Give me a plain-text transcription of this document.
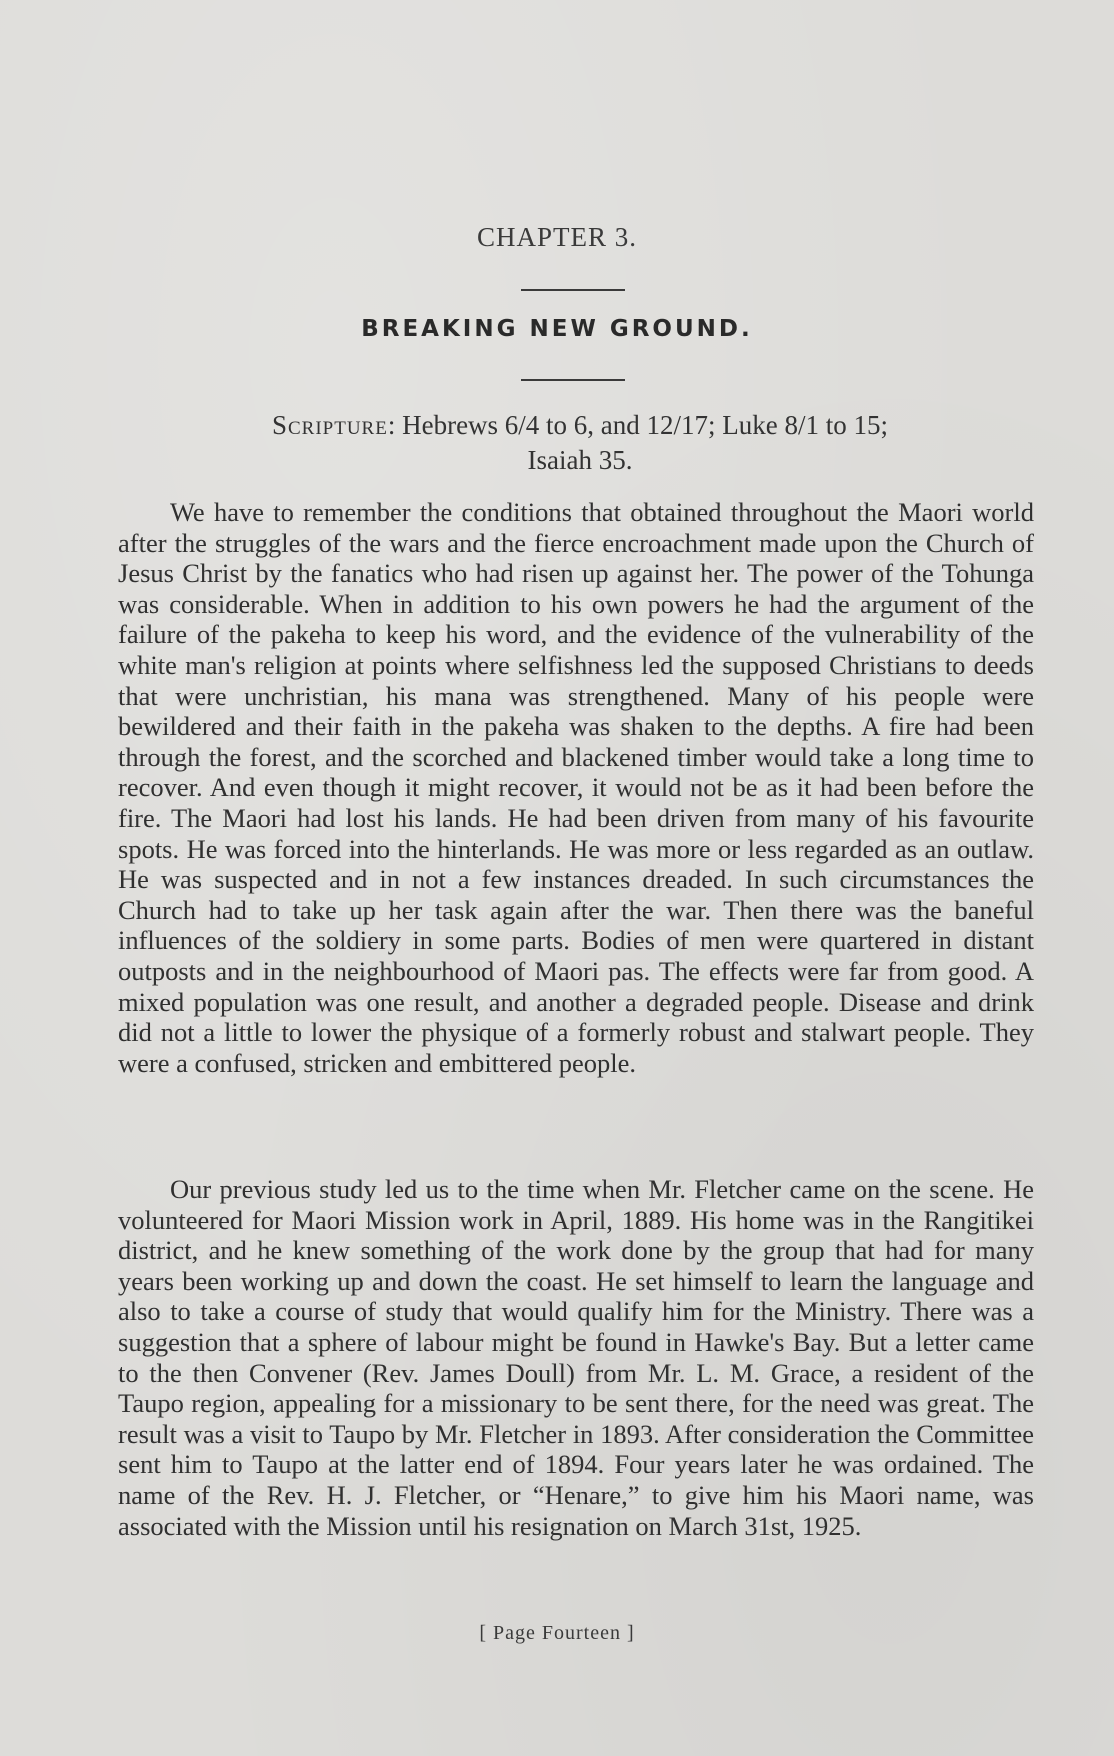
CHAPTER 3.
BREAKING NEW GROUND.
Scripture: Hebrews 6/4 to 6, and 12/17; Luke 8/1 to 15;
Isaiah 35.

We have to remember the conditions that obtained throughout the Maori world after the struggles of the wars and the fierce encroachment made upon the Church of Jesus Christ by the fanatics who had risen up against her. The power of the Tohunga was considerable. When in addition to his own powers he had the argument of the failure of the pakeha to keep his word, and the evidence of the vulnerability of the white man's religion at points where selfishness led the supposed Christians to deeds that were unchristian, his mana was strengthened. Many of his people were bewildered and their faith in the pakeha was shaken to the depths. A fire had been through the forest, and the scorched and blackened timber would take a long time to recover. And even though it might recover, it would not be as it had been before the fire. The Maori had lost his lands. He had been driven from many of his favourite spots. He was forced into the hinterlands. He was more or less regarded as an outlaw. He was suspected and in not a few instances dreaded. In such circumstances the Church had to take up her task again after the war. Then there was the baneful influences of the soldiery in some parts. Bodies of men were quartered in distant outposts and in the neighbourhood of Maori pas. The effects were far from good. A mixed population was one result, and another a degraded people. Disease and drink did not a little to lower the physique of a formerly robust and stalwart people. They were a confused, stricken and embittered people.

Our previous study led us to the time when Mr. Fletcher came on the scene. He volunteered for Maori Mission work in April, 1889. His home was in the Rangitikei district, and he knew something of the work done by the group that had for many years been working up and down the coast. He set himself to learn the language and also to take a course of study that would qualify him for the Ministry. There was a suggestion that a sphere of labour might be found in Hawke's Bay. But a letter came to the then Convener (Rev. James Doull) from Mr. L. M. Grace, a resident of the Taupo region, appealing for a missionary to be sent there, for the need was great. The result was a visit to Taupo by Mr. Fletcher in 1893. After consideration the Committee sent him to Taupo at the latter end of 1894. Four years later he was ordained. The name of the Rev. H. J. Fletcher, or “Henare,” to give him his Maori name, was associated with the Mission until his resignation on March 31st, 1925.

[ Page Fourteen ]
